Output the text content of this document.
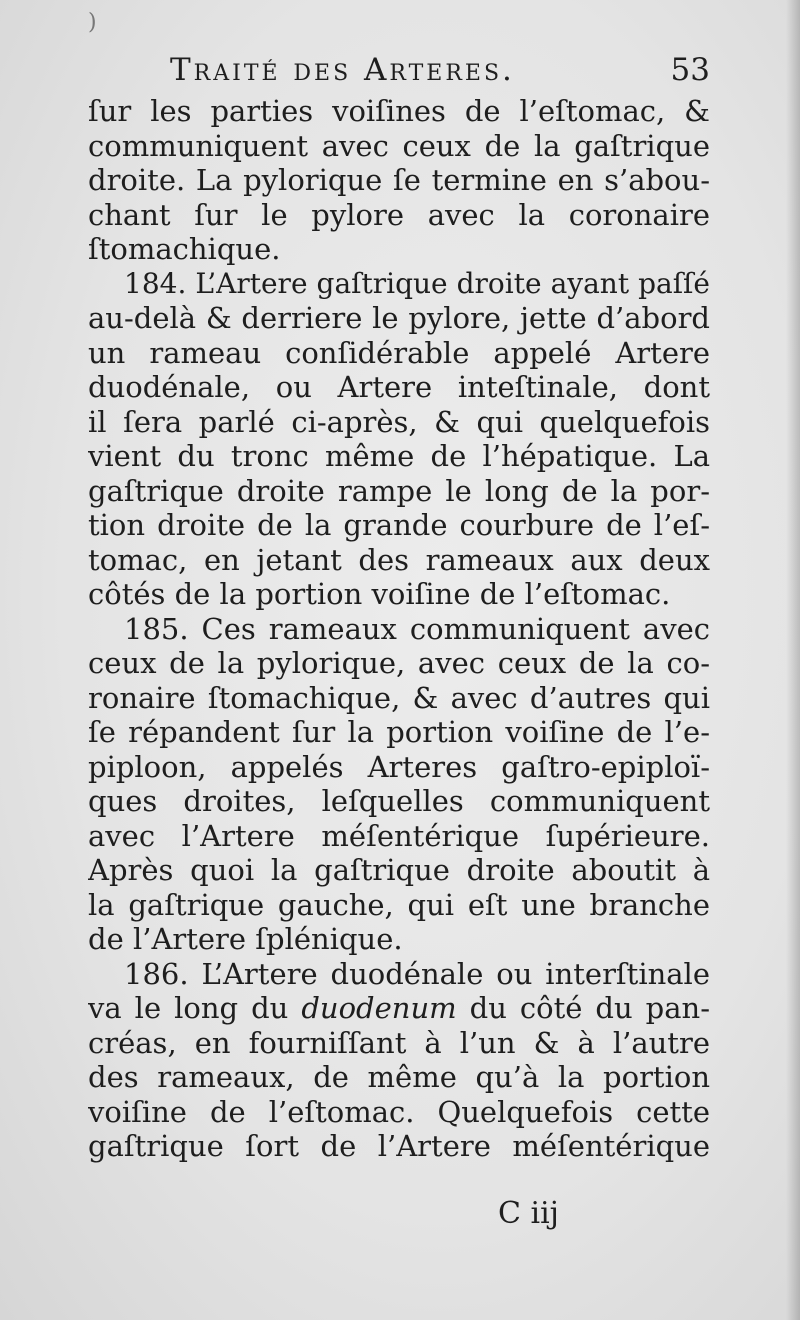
)
Traité des Arteres.	53
ſur les parties voiſines de l’eſtomac, &
communiquent avec ceux de la gaſtrique
droite. La pylorique ſe termine en s’abou-
chant ſur le pylore avec la coronaire
ſtomachique.
184. L’Artere gaſtrique droite ayant paſſé
au-delà & derriere le pylore, jette d’abord
un rameau conſidérable appelé Artere
duodénale, ou Artere inteſtinale, dont
il ſera parlé ci-après, & qui quelquefois
vient du tronc même de l’hépatique. La
gaſtrique droite rampe le long de la por-
tion droite de la grande courbure de l’eſ-
tomac, en jetant des rameaux aux deux
côtés de la portion voiſine de l’eſtomac.
185. Ces rameaux communiquent avec
ceux de la pylorique, avec ceux de la co-
ronaire ſtomachique, & avec d’autres qui
ſe répandent ſur la portion voiſine de l’e-
piploon, appelés Arteres gaſtro-epiploï-
ques droites, leſquelles communiquent
avec l’Artere méſentérique ſupérieure.
Après quoi la gaſtrique droite aboutit à
la gaſtrique gauche, qui eſt une branche
de l’Artere ſplénique.
186. L’Artere duodénale ou interſtinale
va le long du duodenum du côté du pan-
créas, en fourniſſant à l’un & à l’autre
des rameaux, de même qu’à la portion
voiſine de l’eſtomac. Quelquefois cette
gaſtrique ſort de l’Artere méſentérique
C iij
